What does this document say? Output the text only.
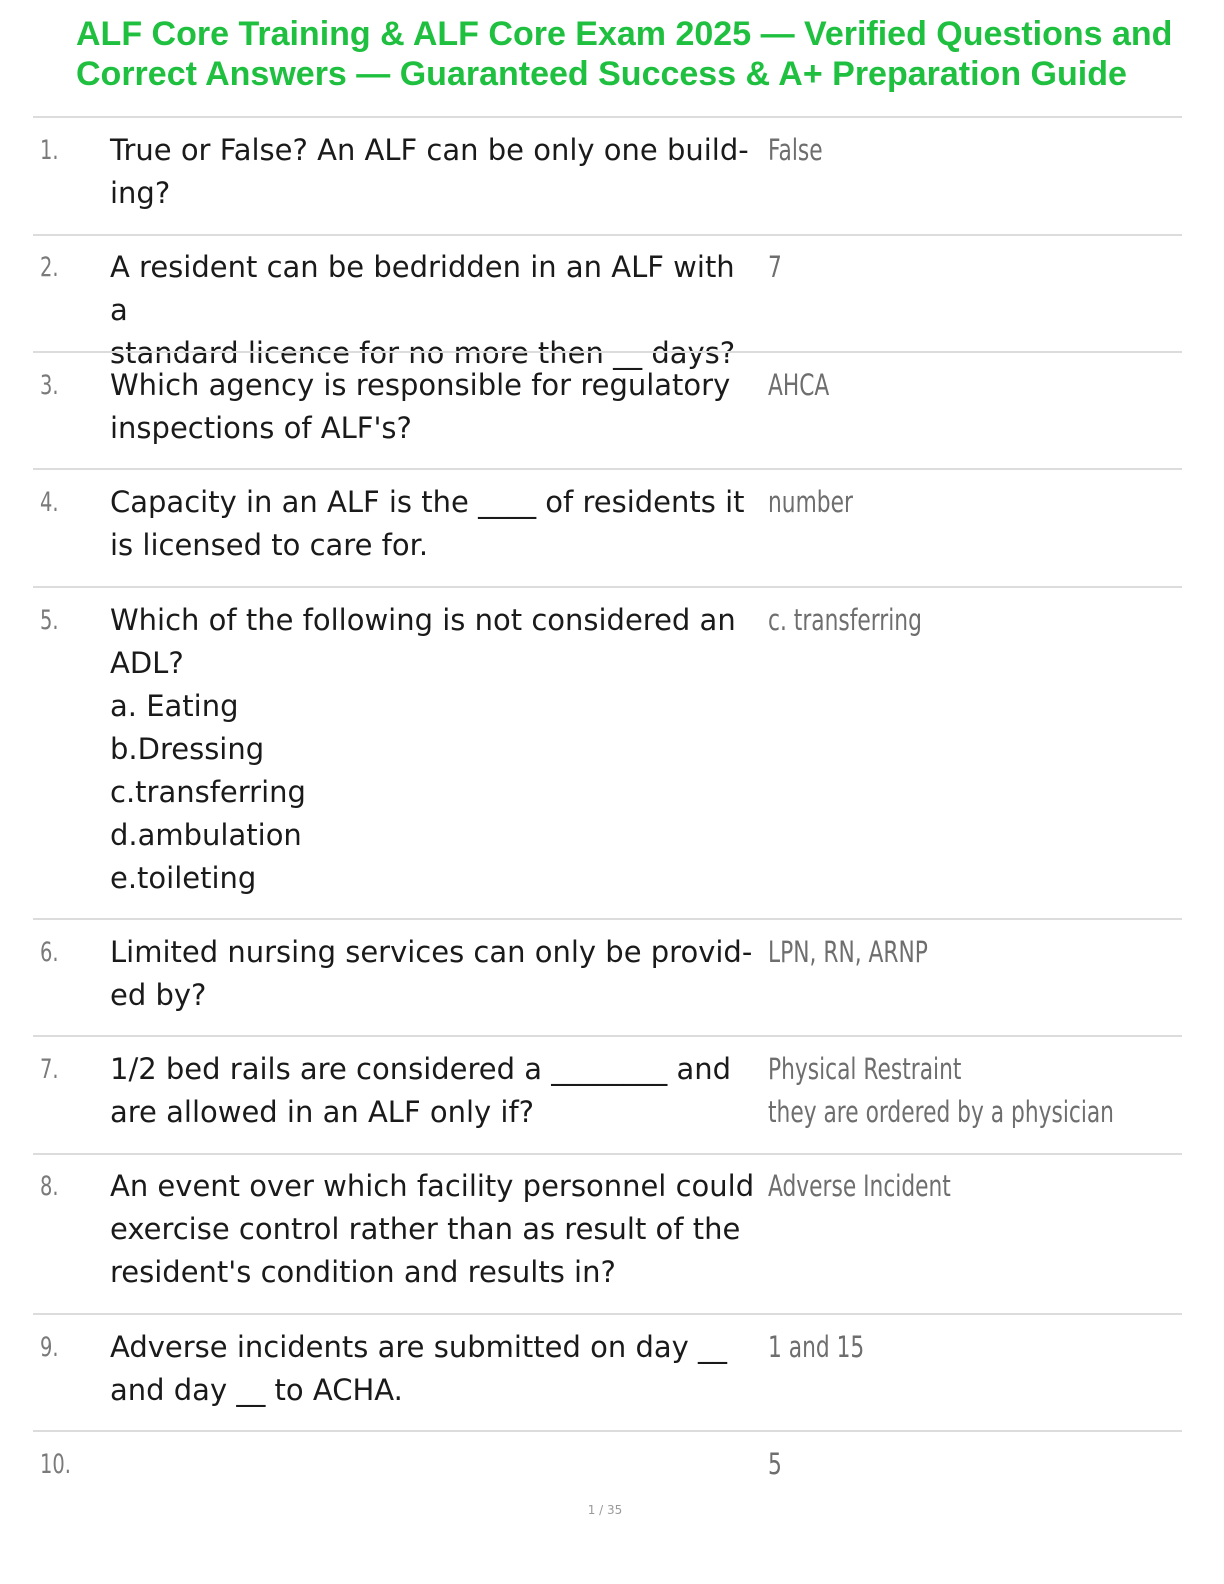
ALF Core Training & ALF Core Exam 2025 — Verified Questions and Correct Answers — Guaranteed Success & A+ Preparation Guide
1. True or False? An ALF can be only one build-
ing?
False
2. A resident can be bedridden in an ALF with a
standard licence for no more then __ days?
7
3. Which agency is responsible for regulatory
inspections of ALF's?
AHCA
4. Capacity in an ALF is the ____ of residents it
is licensed to care for.
number
5. Which of the following is not considered an
ADL?
a. Eating
b.Dressing
c.transferring
d.ambulation
e.toileting
c. transferring
6. Limited nursing services can only be provid-
ed by?
LPN, RN, ARNP
7. 1/2 bed rails are considered a ________ and
are allowed in an ALF only if?
Physical Restraint
they are ordered by a physician
8. An event over which facility personnel could
exercise control rather than as result of the
resident's condition and results in?
Adverse Incident
9. Adverse incidents are submitted on day __
and day __ to ACHA.
1 and 15
10.	5
1 / 35
